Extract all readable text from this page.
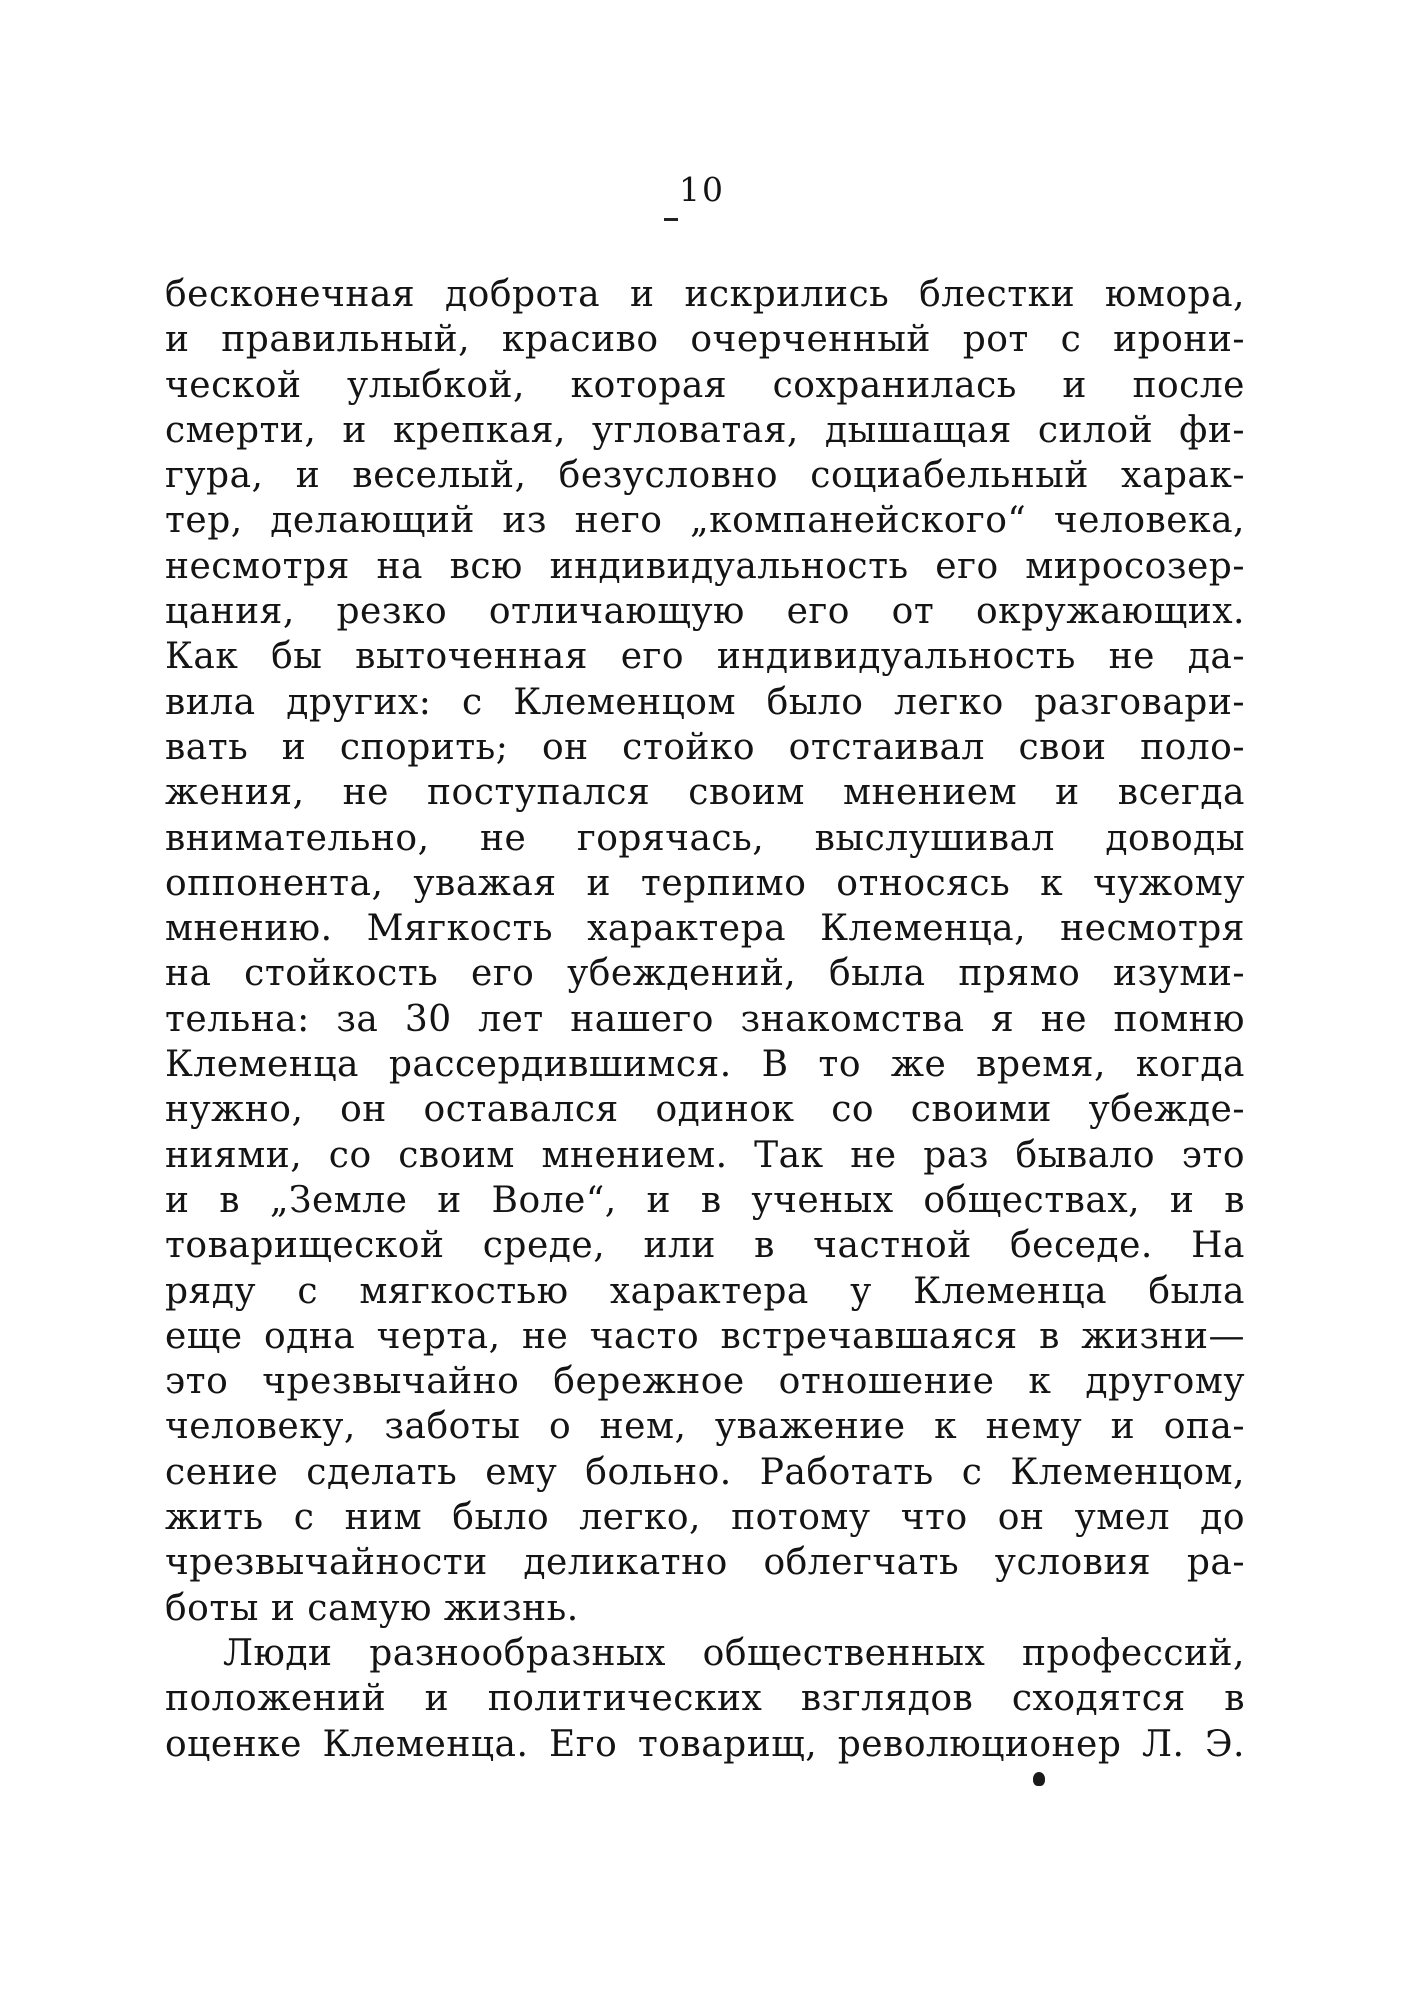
10
бесконечная доброта и искрились блестки юмора,
и правильный, красиво очерченный рот с ирони-
ческой улыбкой, которая сохранилась и после
смерти, и крепкая, угловатая, дышащая силой фи-
гура, и веселый, безусловно социабельный харак-
тер, делающий из него „компанейского“ человека,
несмотря на всю индивидуальность его миросозер-
цания, резко отличающую его от окружающих.
Как бы выточенная его индивидуальность не да-
вила других: с Клеменцом было легко разговари-
вать и спорить; он стойко отстаивал свои поло-
жения, не поступался своим мнением и всегда
внимательно, не горячась, выслушивал доводы
оппонента, уважая и терпимо относясь к чужому
мнению. Мягкость характера Клеменца, несмотря
на стойкость его убеждений, была прямо изуми-
тельна: за 30 лет нашего знакомства я не помню
Клеменца рассердившимся. В то же время, когда
нужно, он оставался одинок со своими убежде-
ниями, со своим мнением. Так не раз бывало это
и в „Земле и Воле“, и в ученых обществах, и в
товарищеской среде, или в частной беседе. На
ряду с мягкостью характера у Клеменца была
еще одна черта, не часто встречавшаяся в жизни—
это чрезвычайно бережное отношение к другому
человеку, заботы о нем, уважение к нему и опа-
сение сделать ему больно. Работать с Клеменцом,
жить с ним было легко, потому что он умел до
чрезвычайности деликатно облегчать условия ра-
боты и самую жизнь.
Люди разнообразных общественных профессий,
положений и политических взглядов сходятся в
оценке Клеменца. Его товарищ, революционер Л. Э.
